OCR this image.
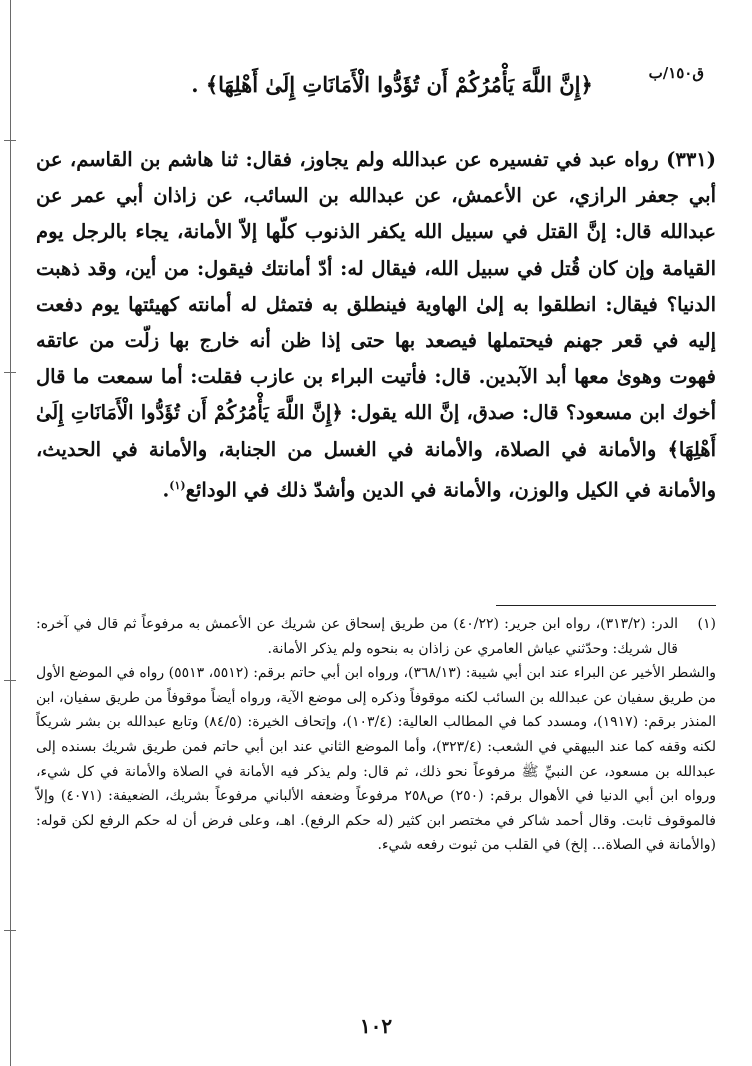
ق١٥٠/ب
﴿إِنَّ اللَّهَ يَأْمُرُكُمْ أَن تُؤَدُّوا الْأَمَانَاتِ إِلَىٰ أَهْلِهَا﴾ .

(٣٣١) رواه عبد في تفسيره عن عبدالله ولم يجاوز، فقال: ثنا هاشم بن القاسم، عن أبي جعفر الرازي، عن الأعمش، عن عبدالله بن السائب، عن زاذان أبي عمر عن عبدالله قال: إنَّ القتل في سبيل الله يكفر الذنوب كلّها إلاّ الأمانة، يجاء بالرجل يوم القيامة وإن كان قُتل في سبيل الله، فيقال له: أدّ أمانتك فيقول: من أين، وقد ذهبت الدنيا؟ فيقال: انطلقوا به إلىٰ الهاوية فينطلق به فتمثل له أمانته كهيئتها يوم دفعت إليه في قعر جهنم فيحتملها فيصعد بها حتى إذا ظن أنه خارج بها زلّت من عاتقه فهوت وهوىٰ معها أبد الآبدين. قال: فأتيت البراء بن عازب فقلت: أما سمعت ما قال أخوك ابن مسعود؟ قال: صدق، إنَّ الله يقول: ﴿إِنَّ اللَّهَ يَأْمُرُكُمْ أَن تُؤَدُّوا الْأَمَانَاتِ إِلَىٰ أَهْلِهَا﴾ والأمانة في الصلاة، والأمانة في الغسل من الجنابة، والأمانة في الحديث، والأمانة في الكيل والوزن، والأمانة في الدين وأشدّ ذلك في الودائع$^{(١)}$.

(١)الدر: (٣١٣/٢)، رواه ابن جرير: (٤٠/٢٢) من طريق إسحاق عن شريك عن الأعمش به مرفوعاً ثم قال في آخره: قال شريك: وحدّثني عياش العامري عن زاذان به بنحوه ولم يذكر الأمانة.

والشطر الأخير عن البراء عند ابن أبي شيبة: (٣٦٨/١٣)، ورواه ابن أبي حاتم برقم: (٥٥١٢، ٥٥١٣) رواه في الموضع الأول من طريق سفيان عن عبدالله بن السائب لكنه موقوفاً وذكره إلى موضع الآية، ورواه أيضاً موقوفاً من طريق سفيان، ابن المنذر برقم: (١٩١٧)، ومسدد كما في المطالب العالية: (١٠٣/٤)، وإتحاف الخيرة: (٨٤/٥) وتابع عبدالله بن بشر شريكاً لكنه وقفه كما عند البيهقي في الشعب: (٣٢٣/٤)، وأما الموضع الثاني عند ابن أبي حاتم فمن طريق شريك بسنده إلى عبدالله بن مسعود، عن النبيِّ ﷺ مرفوعاً نحو ذلك، ثم قال: ولم يذكر فيه الأمانة في الصلاة والأمانة في كل شيء، ورواه ابن أبي الدنيا في الأهوال برقم: (٢٥٠) ص٢٥٨ مرفوعاً وضعفه الألباني مرفوعاً بشريك، الضعيفة: (٤٠٧١) وإلاّ فالموقوف ثابت. وقال أحمد شاكر في مختصر ابن كثير (له حكم الرفع). اهـ، وعلى فرض أن له حكم الرفع لكن قوله: (والأمانة في الصلاة... إلخ) في القلب من ثبوت رفعه شيء.

١٠٢
